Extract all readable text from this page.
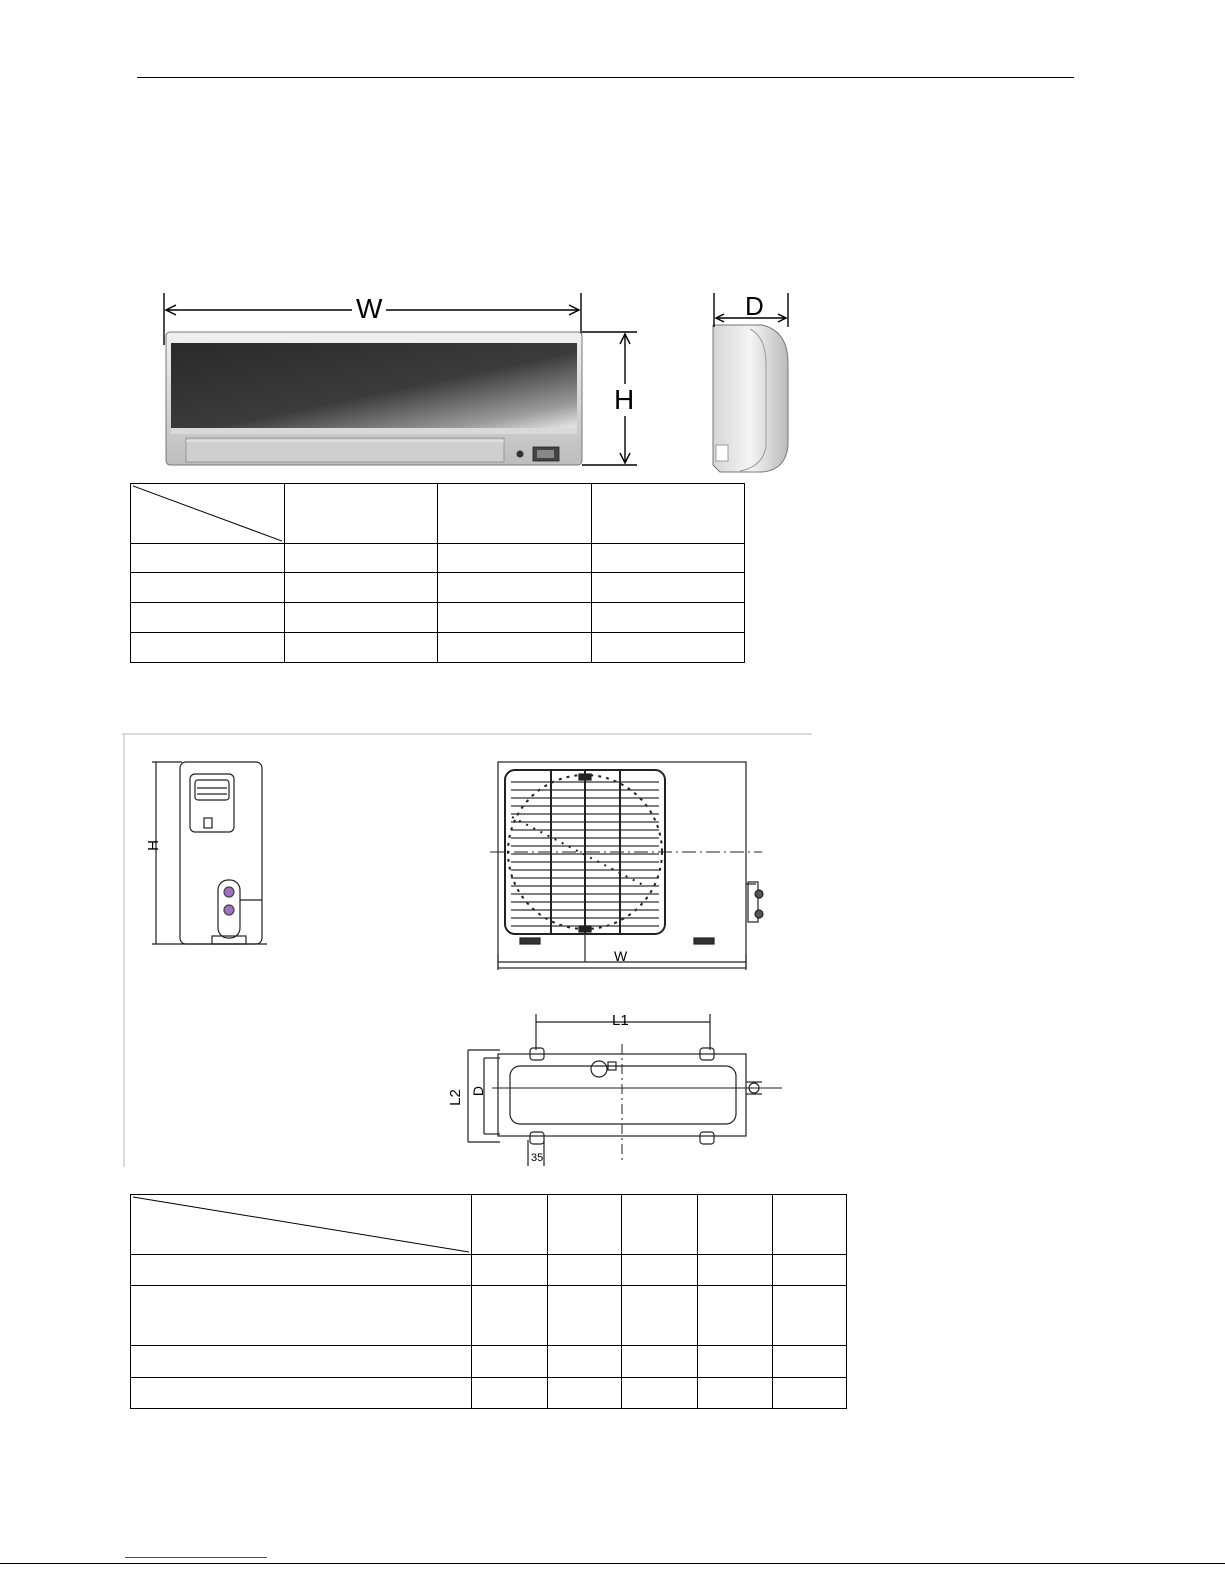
W	D
H

H
W
L1
L2 D
35
